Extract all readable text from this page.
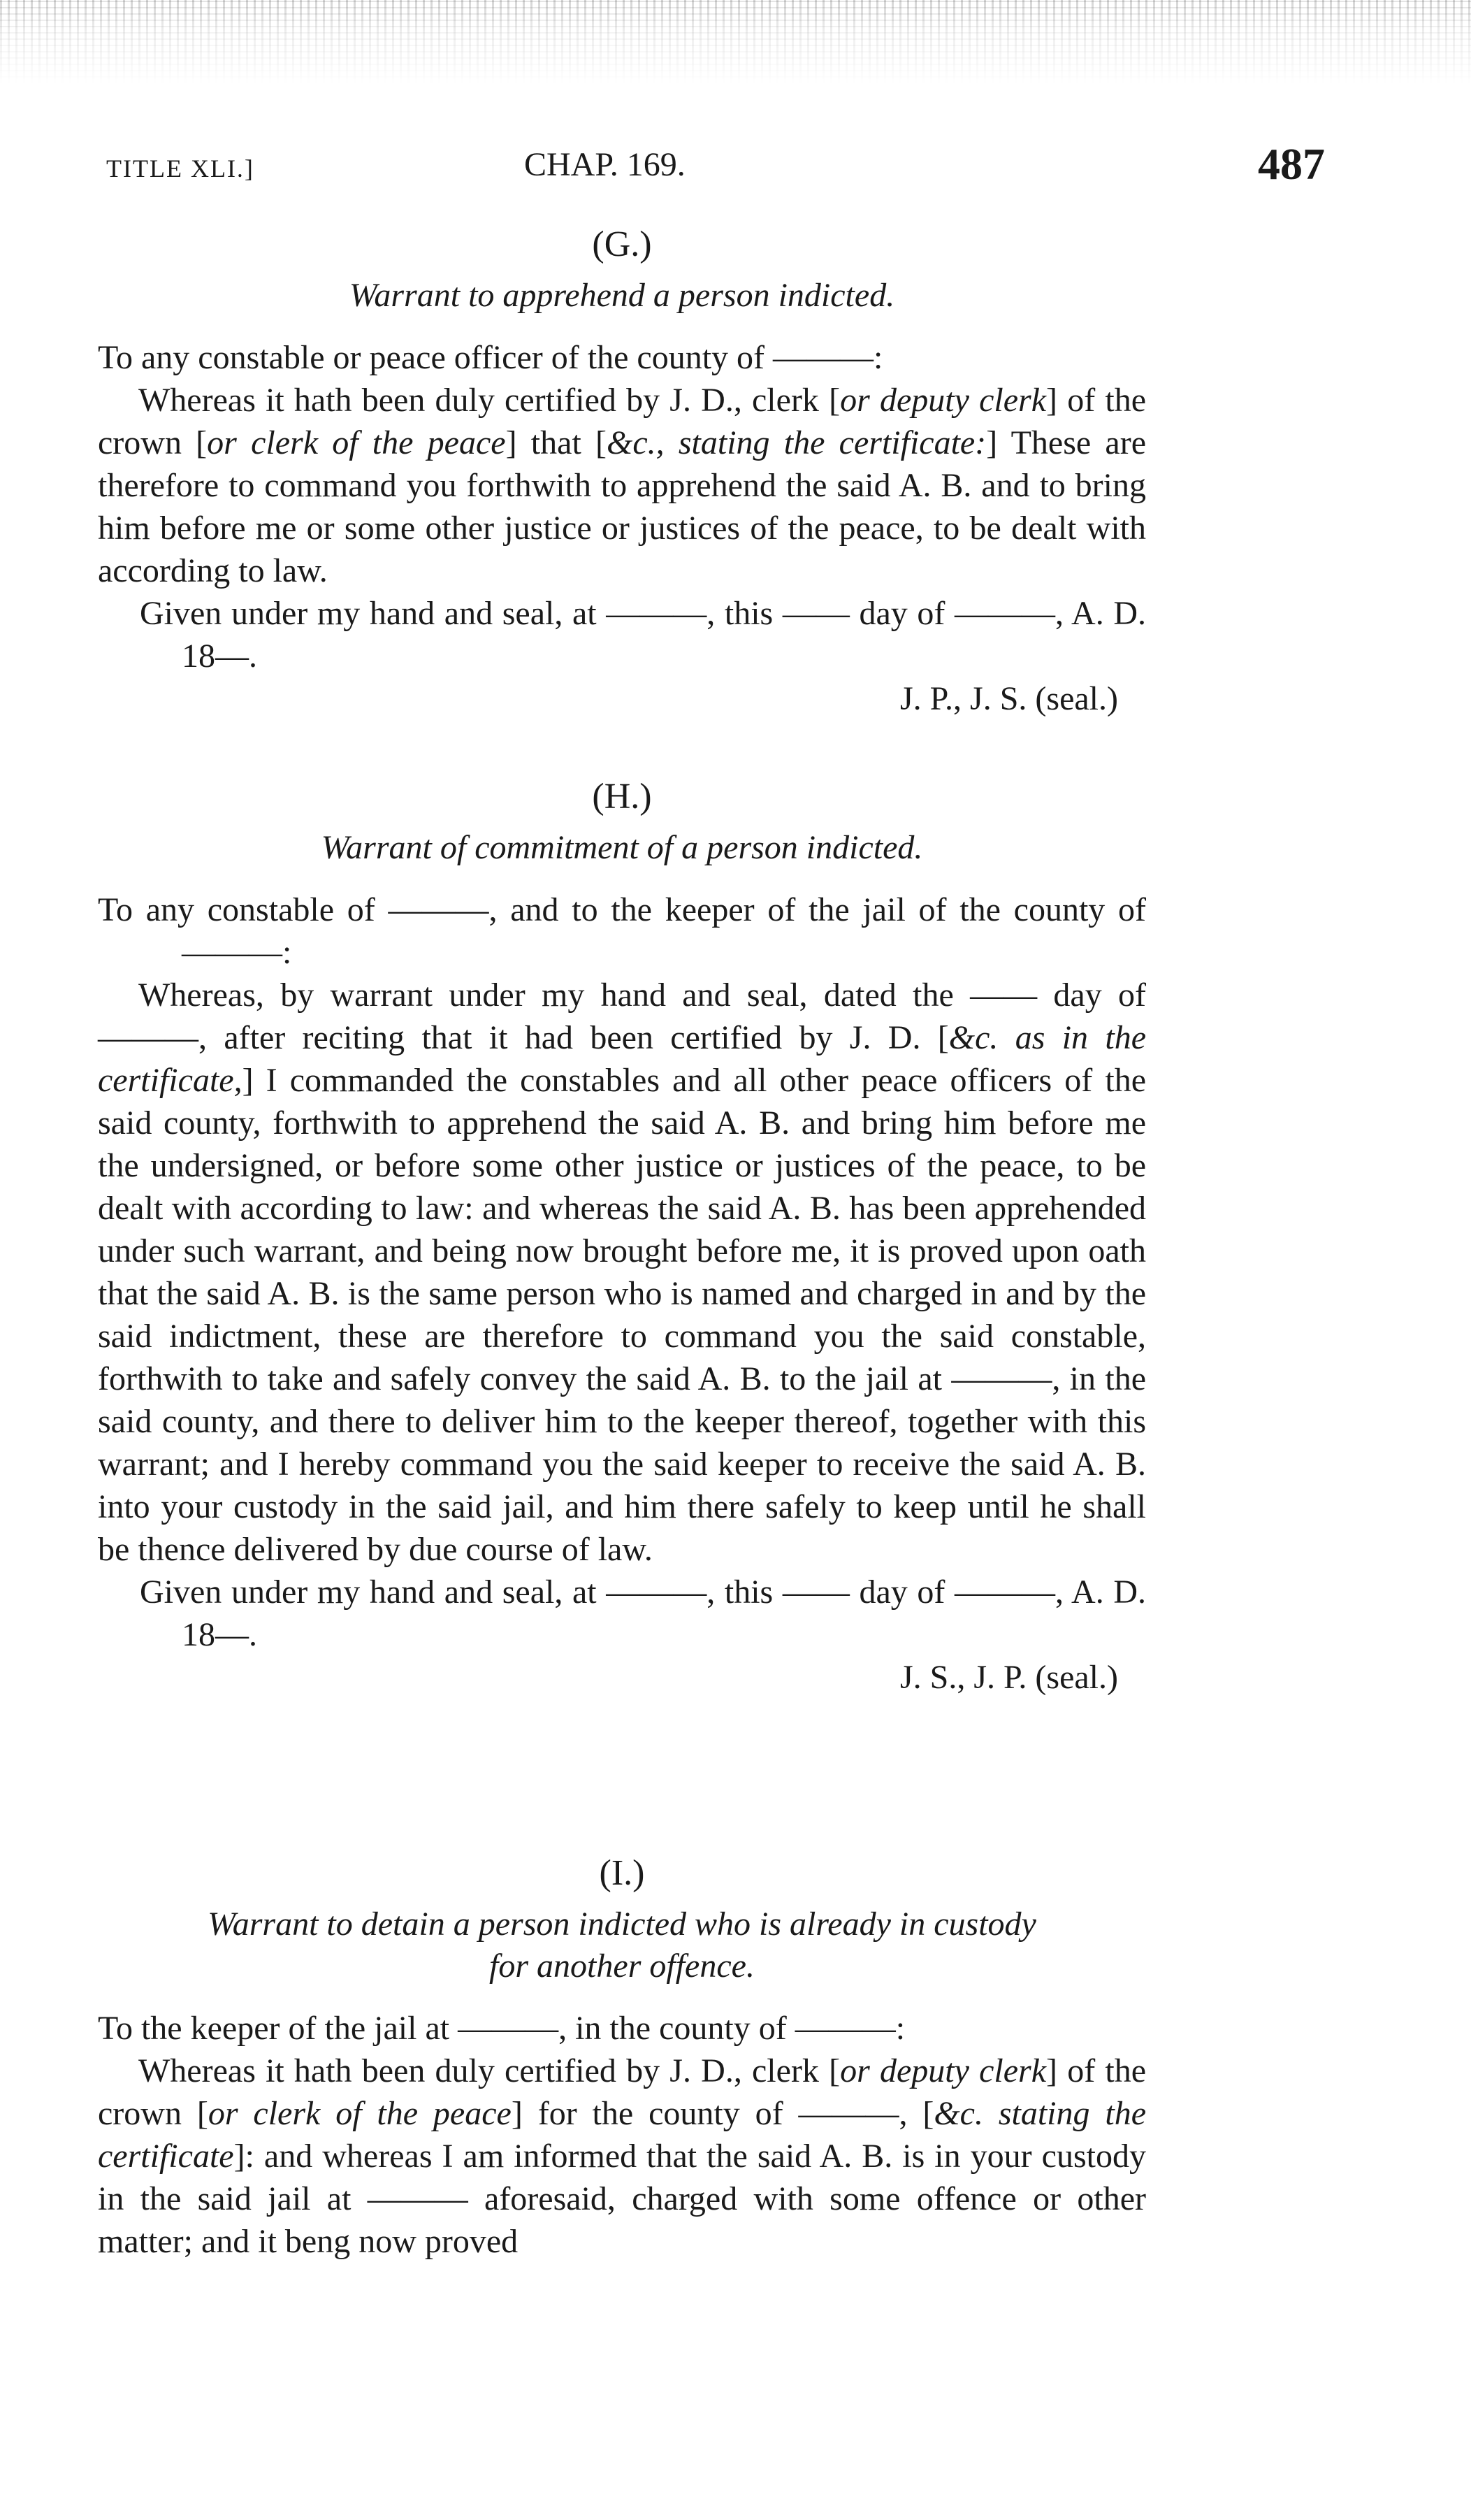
TITLE XLI.]	CHAP. 169.	487

(G.)

Warrant to apprehend a person indicted.

To any constable or peace officer of the county of ———:

Whereas it hath been duly certified by J. D., clerk [or deputy clerk] of the crown [or clerk of the peace] that [&c., stating the certificate:] These are therefore to command you forthwith to apprehend the said A. B. and to bring him before me or some other justice or justices of the peace, to be dealt with according to law.

Given under my hand and seal, at ———, this —— day of ———, A. D. 18—.

J. P., J. S. (seal.)

(H.)

Warrant of commitment of a person indicted.

To any constable of ———, and to the keeper of the jail of the county of ———:

Whereas, by warrant under my hand and seal, dated the —— day of ———, after reciting that it had been certified by J. D. [&c. as in the certificate,] I commanded the constables and all other peace officers of the said county, forthwith to apprehend the said A. B. and bring him before me the undersigned, or before some other justice or justices of the peace, to be dealt with according to law: and whereas the said A. B. has been apprehended under such warrant, and being now brought before me, it is proved upon oath that the said A. B. is the same person who is named and charged in and by the said indictment, these are therefore to command you the said constable, forthwith to take and safely convey the said A. B. to the jail at ———, in the said county, and there to deliver him to the keeper thereof, together with this warrant; and I hereby command you the said keeper to receive the said A. B. into your custody in the said jail, and him there safely to keep until he shall be thence delivered by due course of law.

Given under my hand and seal, at ———, this —— day of ———, A. D. 18—.

J. S., J. P. (seal.)

(I.)

Warrant to detain a person indicted who is already in custody for another offence.

To the keeper of the jail at ———, in the county of ———:

Whereas it hath been duly certified by J. D., clerk [or deputy clerk] of the crown [or clerk of the peace] for the county of ———, [&c. stating the certificate]: and whereas I am informed that the said A. B. is in your custody in the said jail at ——— aforesaid, charged with some offence or other matter; and it beng now proved
